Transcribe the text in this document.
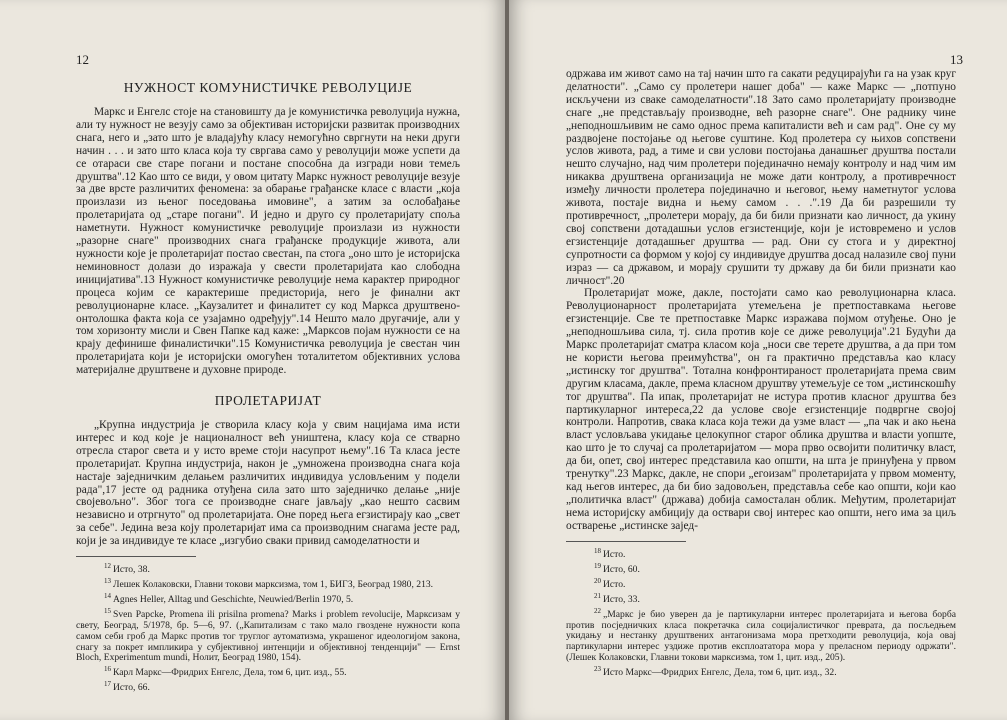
12	13
НУЖНОСТ КОМУНИСТИЧКЕ РЕВОЛУЦИЈЕ

Маркс и Енгелс стоје на становишту да је комунистичка револуција нужна, али ту нужност не везују само за објективан историјски развитак производних снага, него и „зато што је владајућу класу немогућно свргнути на неки други начин . . . и зато што класа која ту свргава само у револуцији може успети да се отараси све старе погани и постане способна да изгради нови темељ друштва".12 Као што се види, у овом цитату Маркс нужност револуције везује за две врсте различитих феномена: за обарање грађанске класе с власти „која произлази из њеног поседовања имовине", а затим за ослобађање пролетаријата од „старе погани". И једно и друго су пролетаријату споља наметнути. Нужност комунистичке револуције произлази из нужности „разорне снаге" производних снага грађанске продукције живота, али нужности које је пролетаријат постао свестан, па стога „оно што је историјска неминовност долази до изражаја у свести пролетаријата као слободна иницијатива".13 Нужност комунистичке револуције нема карактер природног процеса којим се карактерише предисторија, него је финални акт револуционарне класе. „Каузалитет и финалитет су код Маркса друштвено-онтолошка факта која се узајамно одређују".14 Нешто мало другачије, али у том хоризонту мисли и Свен Папке кад каже: „Марксов појам нужности се на крају дефинише финалистички".15 Комунистичка револуција је свестан чин пролетаријата који је историјски омогућен тоталитетом објективних услова материјалне друштвене и духовне природе.

ПРОЛЕТАРИЈАТ

„Крупна индустрија је створила класу која у свим нацијама има исти интерес и код које је националност већ уништена, класу која се стварно отресла старог света и у исто време стоји насупрот њему".16 Та класа јесте пролетаријат. Крупна индустрија, након је „умножена производна снага која настаје заједничким делањем различитих индивидуа условљеним у подели рада",17 јесте од радника отуђена сила зато што заједничко делање „није својевољно". Због тога се производне снаге јављају „као нешто сасвим независно и отргнуто" од пролетаријата. Оне поред њега егзистирају као „свет за себе". Једина веза коју пролетаријат има са производним снагама јесте рад, који је за индивидуе те класе „изгубио сваки привид самоделатности и

$^{12}$ Исто, 38.

$^{13}$ Лешек Колаковски, Главни токови марксизма, том 1, БИГЗ, Београд 1980, 213.

$^{14}$ Agnes Heller, Alltag und Geschichte, Neuwied/Berlin 1970, 5.

$^{15}$ Sven Papcke, Promena ili prisilna promena? Marks i problem revolucije, Марксизам у свету, Београд, 5/1978, бр. 5—6, 97. („Капитализам с тако мало гвоздене нужности копа самом себи гроб да Маркс против тог труглог аутоматизма, украшеног идеологијом закона, снагу за покрет импликира у субјективној интенцији и објективној тенденцији" — Ernst Bloch, Experimentum mundi, Нолит, Београд 1980, 154).

$^{16}$ Карл Маркс—Фридрих Енгелс, Дела, том 6, цит. изд., 55.

$^{17}$ Исто, 66.

одржава им живот само на тај начин што га сакати редуцирајући га на узак круг делатности". „Само су пролетери нашег доба" — каже Маркс — „потпуно искључени из сваке самоделатности".18 Зато само пролетаријату производне снаге „не представљају производне, већ разорне снаге". Оне раднику чине „неподношљивим не само однос према капиталисти већ и сам рад". Оне су му раздвојене постојање од његове суштине. Код пролетера су њихов сопствени услов живота, рад, а тиме и сви услови постојања данашњег друштва постали нешто случајно, над чим пролетери појединачно немају контролу и над чим им никаква друштвена организација не може дати контролу, а противречност између личности пролетера појединачно и његовог, њему наметнутог услова живота, постаје видна и њему самом . . .".19 Да би разрешили ту противречност, „пролетери морају, да би били признати као личност, да укину свој сопствени дотадашњи услов егзистенције, који је истовремено и услов егзистенције дотадашњег друштва — рад. Они су стога и у директној супротности са формом у којој су индивидуе друштва досад налазиле свој пуни израз — са државом, и морају срушити ту државу да би били признати као личност".20

Пролетаријат може, дакле, постојати само као револуционарна класа. Револуционарност пролетаријата утемељена је претпоставкама његове егзистенције. Све те претпоставке Маркс изражава појмом отуђење. Оно је „неподношљива сила, тј. сила против које се диже револуција".21 Будући да Маркс пролетаријат сматра класом која „носи све терете друштва, а да при том не користи његова преимућства", он га практично представља као класу „истинску тог друштва". Тотална конфронтираност пролетаријата према свим другим класама, дакле, према класном друштву утемељује се том „истинскошћу тог друштва". Па ипак, пролетаријат не истура против класног друштва без партикуларног интереса,22 да услове своје егзистенције подвргне својој контроли. Напротив, свака класа која тежи да узме власт — „па чак и ако њена власт условљава укидање целокупног старог облика друштва и власти уопште, као што је то случај са пролетаријатом — мора прво освојити политичку власт, да би, опет, свој интерес представила као општи, на шта је принуђена у првом тренутку".23 Маркс, дакле, не спори „егоизам" пролетаријата у првом моменту, кад његов интерес, да би био задовољен, представља себе као општи, који као „политичка власт" (држава) добија самосталан облик. Међутим, пролетаријат нема историјску амбицију да оствари свој интерес као општи, него има за циљ остварење „истинске зајед-

$^{18}$ Исто.

$^{19}$ Исто, 60.

$^{20}$ Исто.

$^{21}$ Исто, 33.

$^{22}$ „Маркс је био уверен да је партикуларни интерес пролетаријата и његова борба против посједничких класа покретачка сила социјалистичког преврата, да посљедњем укидању и нестанку друштвених антагонизама мора претходити револуција, која овај партикуларни интерес уздиже против експлоататора мора у преласном периоду одржати". (Лешек Колаковски, Главни токови марксизма, том 1, цит. изд., 205).

$^{23}$ Исто Маркс—Фридрих Енгелс, Дела, том 6, цит. изд., 32.
